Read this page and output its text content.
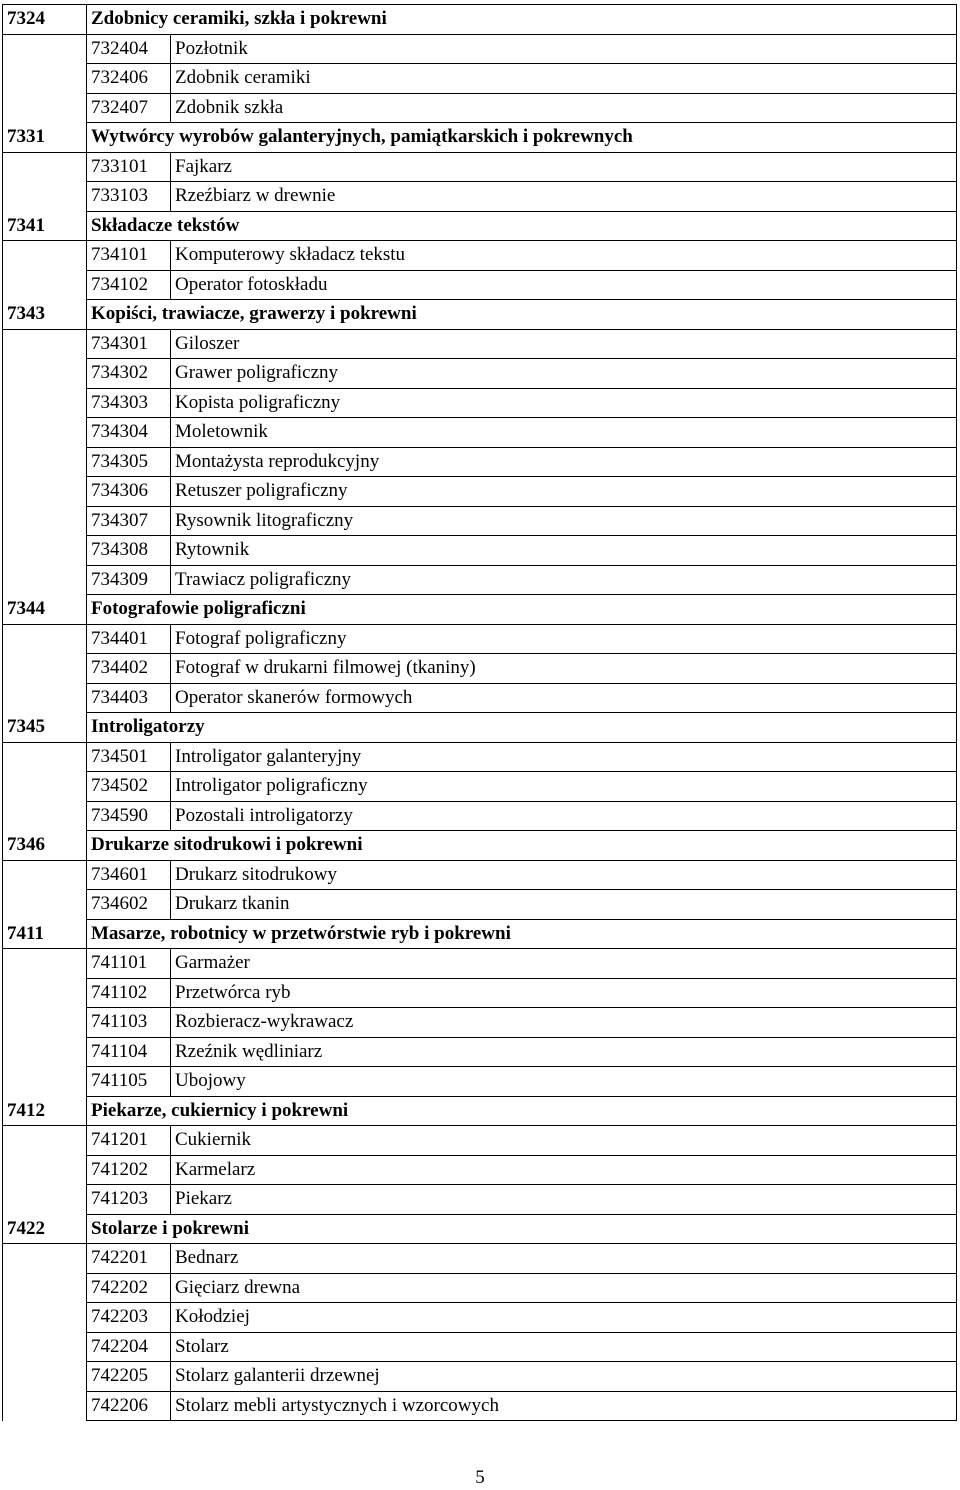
7324	Zdobnicy ceramiki, szkła i pokrewni	
	732404	Pozłotnik
	732406	Zdobnik ceramiki
	732407	Zdobnik szkła
7331	Wytwórcy wyrobów galanteryjnych, pamiątkarskich i pokrewnych	
	733101	Fajkarz
	733103	Rzeźbiarz w drewnie
7341	Składacze tekstów	
	734101	Komputerowy składacz tekstu
	734102	Operator fotoskładu
7343	Kopiści, trawiacze, grawerzy i pokrewni	
	734301	Giloszer
	734302	Grawer poligraficzny
	734303	Kopista poligraficzny
	734304	Moletownik
	734305	Montażysta reprodukcyjny
	734306	Retuszer poligraficzny
	734307	Rysownik litograficzny
	734308	Rytownik
	734309	Trawiacz poligraficzny
7344	Fotografowie poligraficzni	
	734401	Fotograf poligraficzny
	734402	Fotograf w drukarni filmowej (tkaniny)
	734403	Operator skanerów formowych
7345	Introligatorzy	
	734501	Introligator galanteryjny
	734502	Introligator poligraficzny
	734590	Pozostali introligatorzy
7346	Drukarze sitodrukowi i pokrewni	
	734601	Drukarz sitodrukowy
	734602	Drukarz tkanin
7411	Masarze, robotnicy w przetwórstwie ryb i pokrewni	
	741101	Garmażer
	741102	Przetwórca ryb
	741103	Rozbieracz-wykrawacz
	741104	Rzeźnik wędliniarz
	741105	Ubojowy
7412	Piekarze, cukiernicy i pokrewni	
	741201	Cukiernik
	741202	Karmelarz
	741203	Piekarz
7422	Stolarze i pokrewni	
	742201	Bednarz
	742202	Gięciarz drewna
	742203	Kołodziej
	742204	Stolarz
	742205	Stolarz galanterii drzewnej
	742206	Stolarz mebli artystycznych i wzorcowych
5
